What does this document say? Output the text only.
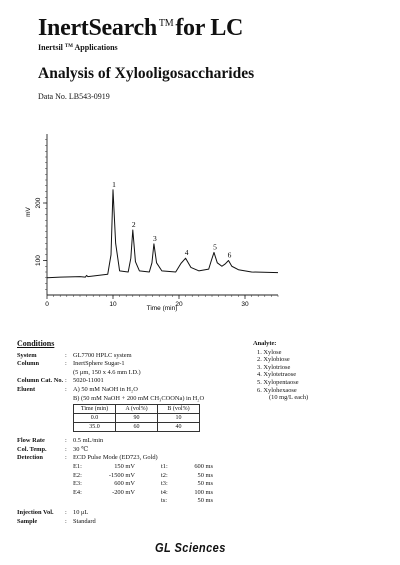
InertSearch ™for LC
Inertsil ™ Applications
Analysis of Xylooligosaccharides
Data No. LB543-0919
0	10	20	30
100
200
mV
Time (min)
1
2
3
4
5
6
Conditions
System	: GL7700 HPLC system
Column	: InertSphere Sugar-1
(5 μm, 150 x 4.6 mm I.D.)
Column Cat. No. : 5020-11001
Eluent	: A) 50 mM NaOH in H₂O
B) (50 mM NaOH + 200 mM CH₃COONa) in H₂O
Time (min)	A (vol%)	B (vol%)
0.0	90	10
35.0	60	40
Flow Rate	: 0.5 mL/min
Col. Temp.	: 30 ℃
Detection	: ECD Pulse Mode (ED723, Gold)
E1:	150 mV	t1:	600 ms
E2:	-1500 mV	t2:	50 ms
E3:	600 mV	t3:	50 ms
E4:	-200 mV	t4:	100 ms
ts:	50 ms
Injection Vol.	: 10 μL
Sample	: Standard
Analyte:
1. Xylose
2. Xylobiose
3. Xylotriose
4. Xylotetraose
5. Xylopentaose
6. Xylohexaose
(10 mg/L each)
GL Sciences
